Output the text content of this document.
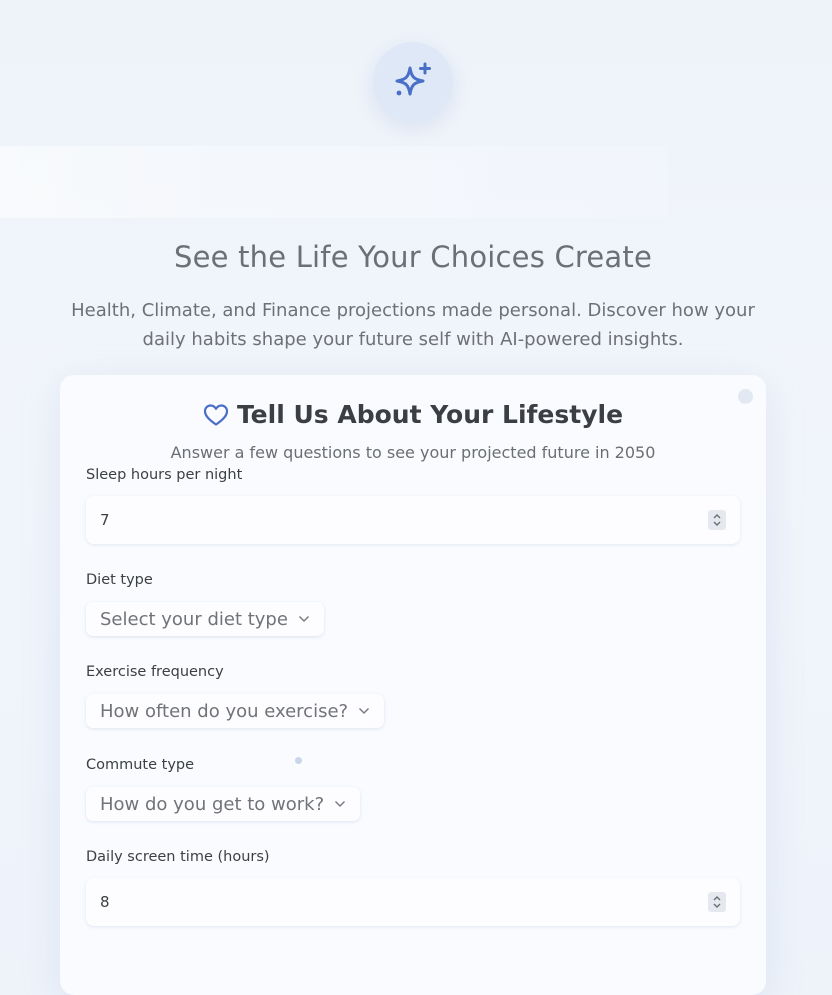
See the Life Your Choices Create
Health, Climate, and Finance projections made personal. Discover how your daily habits shape your future self with AI-powered insights.
Tell Us About Your Lifestyle
Answer a few questions to see your projected future in 2050
Sleep hours per night
7
Diet type
Select your diet type
Exercise frequency
How often do you exercise?
Commute type
How do you get to work?
Daily screen time (hours)
8
